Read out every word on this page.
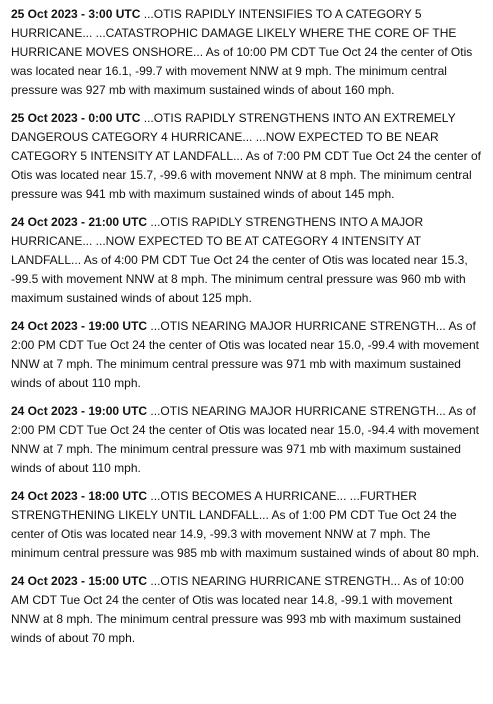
25 Oct 2023 - 3:00 UTC ...OTIS RAPIDLY INTENSIFIES TO A CATEGORY 5 HURRICANE... ...CATASTROPHIC DAMAGE LIKELY WHERE THE CORE OF THE HURRICANE MOVES ONSHORE... As of 10:00 PM CDT Tue Oct 24 the center of Otis was located near 16.1, -99.7 with movement NNW at 9 mph. The minimum central pressure was 927 mb with maximum sustained winds of about 160 mph.

25 Oct 2023 - 0:00 UTC ...OTIS RAPIDLY STRENGTHENS INTO AN EXTREMELY DANGEROUS CATEGORY 4 HURRICANE... ...NOW EXPECTED TO BE NEAR CATEGORY 5 INTENSITY AT LANDFALL... As of 7:00 PM CDT Tue Oct 24 the center of Otis was located near 15.7, -99.6 with movement NNW at 8 mph. The minimum central pressure was 941 mb with maximum sustained winds of about 145 mph.

24 Oct 2023 - 21:00 UTC ...OTIS RAPIDLY STRENGTHENS INTO A MAJOR HURRICANE... ...NOW EXPECTED TO BE AT CATEGORY 4 INTENSITY AT LANDFALL... As of 4:00 PM CDT Tue Oct 24 the center of Otis was located near 15.3, -99.5 with movement NNW at 8 mph. The minimum central pressure was 960 mb with maximum sustained winds of about 125 mph.

24 Oct 2023 - 19:00 UTC ...OTIS NEARING MAJOR HURRICANE STRENGTH... As of 2:00 PM CDT Tue Oct 24 the center of Otis was located near 15.0, -99.4 with movement NNW at 7 mph. The minimum central pressure was 971 mb with maximum sustained winds of about 110 mph.

24 Oct 2023 - 19:00 UTC ...OTIS NEARING MAJOR HURRICANE STRENGTH... As of 2:00 PM CDT Tue Oct 24 the center of Otis was located near 15.0, -94.4 with movement NNW at 7 mph. The minimum central pressure was 971 mb with maximum sustained winds of about 110 mph.

24 Oct 2023 - 18:00 UTC ...OTIS BECOMES A HURRICANE... ...FURTHER STRENGTHENING LIKELY UNTIL LANDFALL... As of 1:00 PM CDT Tue Oct 24 the center of Otis was located near 14.9, -99.3 with movement NNW at 7 mph. The minimum central pressure was 985 mb with maximum sustained winds of about 80 mph.

24 Oct 2023 - 15:00 UTC ...OTIS NEARING HURRICANE STRENGTH... As of 10:00 AM CDT Tue Oct 24 the center of Otis was located near 14.8, -99.1 with movement NNW at 8 mph. The minimum central pressure was 993 mb with maximum sustained winds of about 70 mph.
